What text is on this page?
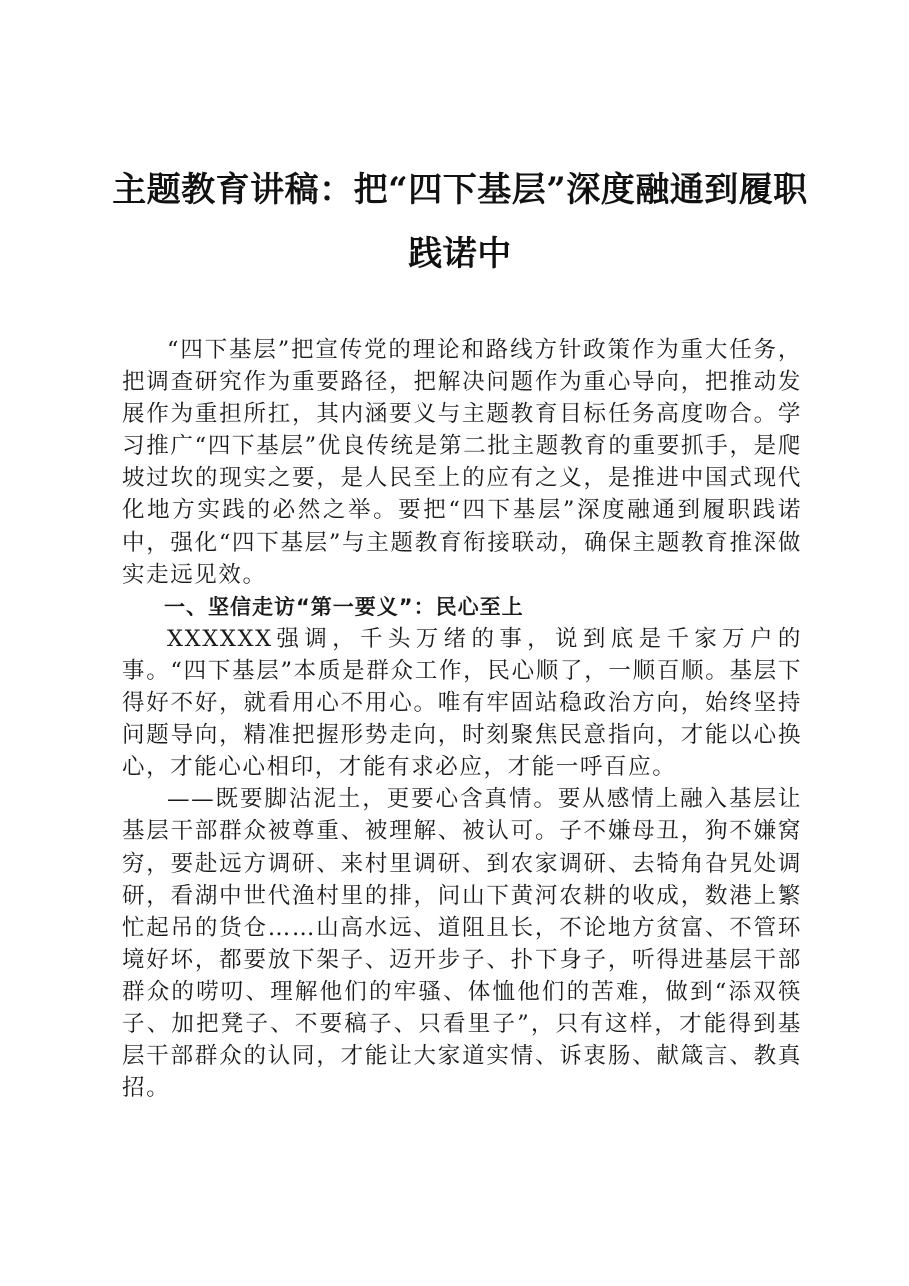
主题教育讲稿：把“四下基层”深度融通到履职践诺中

“四下基层”把宣传党的理论和路线方针政策作为重大任务，把调查研究作为重要路径，把解决问题作为重心导向，把推动发展作为重担所扛，其内涵要义与主题教育目标任务高度吻合。学习推广“四下基层”优良传统是第二批主题教育的重要抓手，是爬坡过坎的现实之要，是人民至上的应有之义，是推进中国式现代化地方实践的必然之举。要把“四下基层”深度融通到履职践诺中，强化“四下基层”与主题教育衔接联动，确保主题教育推深做实走远见效。

一、坚信走访“第一要义”：民心至上

XXXXXX强调，千头万绪的事，说到底是千家万户的事。“四下基层”本质是群众工作，民心顺了，一顺百顺。基层下得好不好，就看用心不用心。唯有牢固站稳政治方向，始终坚持问题导向，精准把握形势走向，时刻聚焦民意指向，才能以心换心，才能心心相印，才能有求必应，才能一呼百应。

——既要脚沾泥土，更要心含真情。要从感情上融入基层让基层干部群众被尊重、被理解、被认可。子不嫌母丑，狗不嫌窝穷，要赴远方调研、来村里调研、到农家调研、去犄角旮旯处调研，看湖中世代渔村里的排，问山下黄河农耕的收成，数港上繁忙起吊的货仓……山高水远、道阻且长，不论地方贫富、不管环境好坏，都要放下架子、迈开步子、扑下身子，听得进基层干部群众的唠叨、理解他们的牢骚、体恤他们的苦难，做到“添双筷子、加把凳子、不要稿子、只看里子”，只有这样，才能得到基层干部群众的认同，才能让大家道实情、诉衷肠、献箴言、教真招。
